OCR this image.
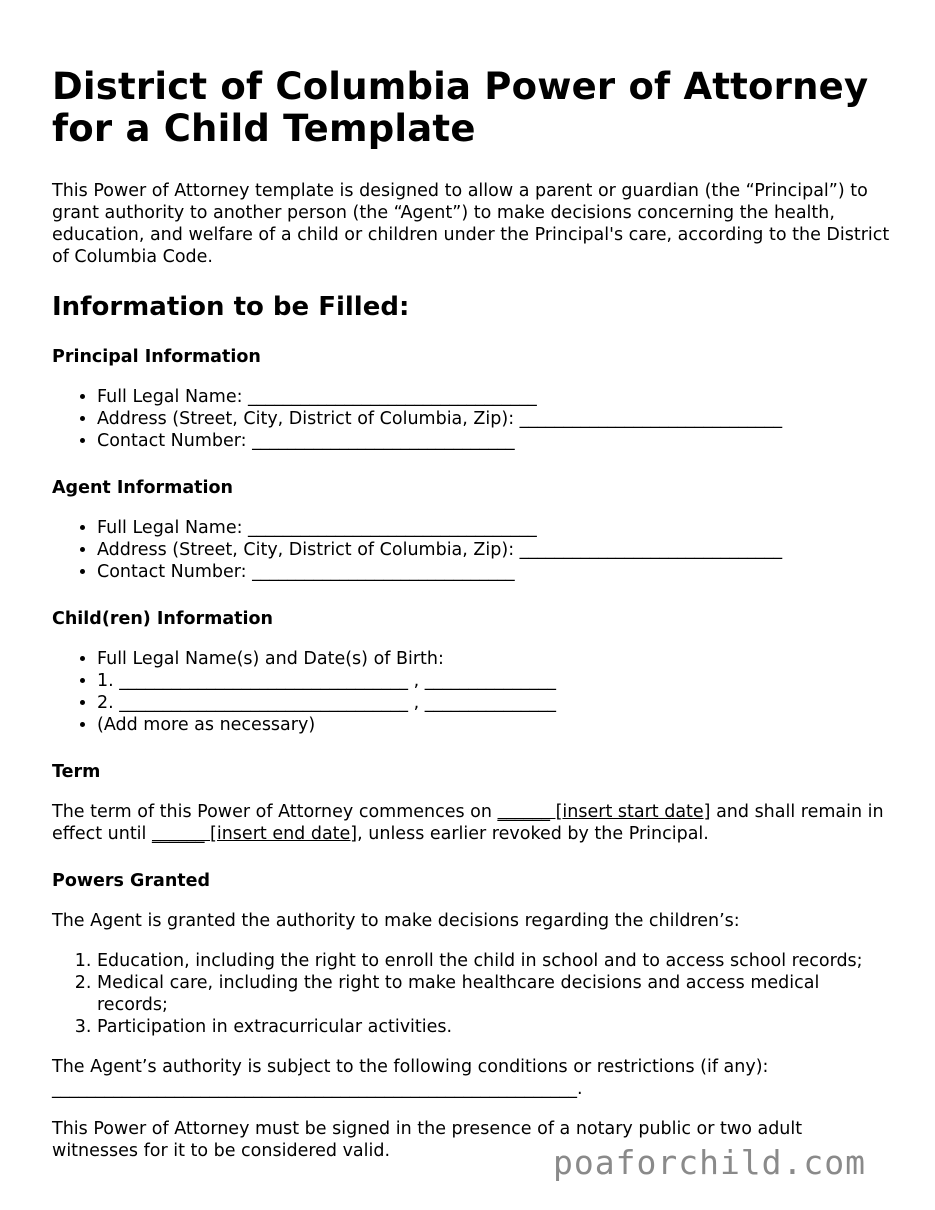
District of Columbia Power of Attorney for a Child Template

This Power of Attorney template is designed to allow a parent or guardian (the “Principal”) to grant authority to another person (the “Agent”) to make decisions concerning the health, education, and welfare of a child or children under the Principal's care, according to the District of Columbia Code.

Information to be Filled:
Principal Information
• Full Legal Name: _________________________________
• Address (Street, City, District of Columbia, Zip): ______________________________
• Contact Number: ______________________________
Agent Information
• Full Legal Name: _________________________________
• Address (Street, City, District of Columbia, Zip): ______________________________
• Contact Number: ______________________________
Child(ren) Information
• Full Legal Name(s) and Date(s) of Birth:
• 1. _________________________________ , _______________
• 2. _________________________________ , _______________
• (Add more as necessary)
Term

The term of this Power of Attorney commences on ______ [insert start date] and shall remain in effect until ______ [insert end date], unless earlier revoked by the Principal.

Powers Granted

The Agent is granted the authority to make decisions regarding the children’s:

1. Education, including the right to enroll the child in school and to access school records;
2. Medical care, including the right to make healthcare decisions and access medical records;
3. Participation in extracurricular activities.

The Agent’s authority is subject to the following conditions or restrictions (if any): ____________________________________________________________.

This Power of Attorney must be signed in the presence of a notary public or two adult witnesses for it to be considered valid.	poaforchild.com
